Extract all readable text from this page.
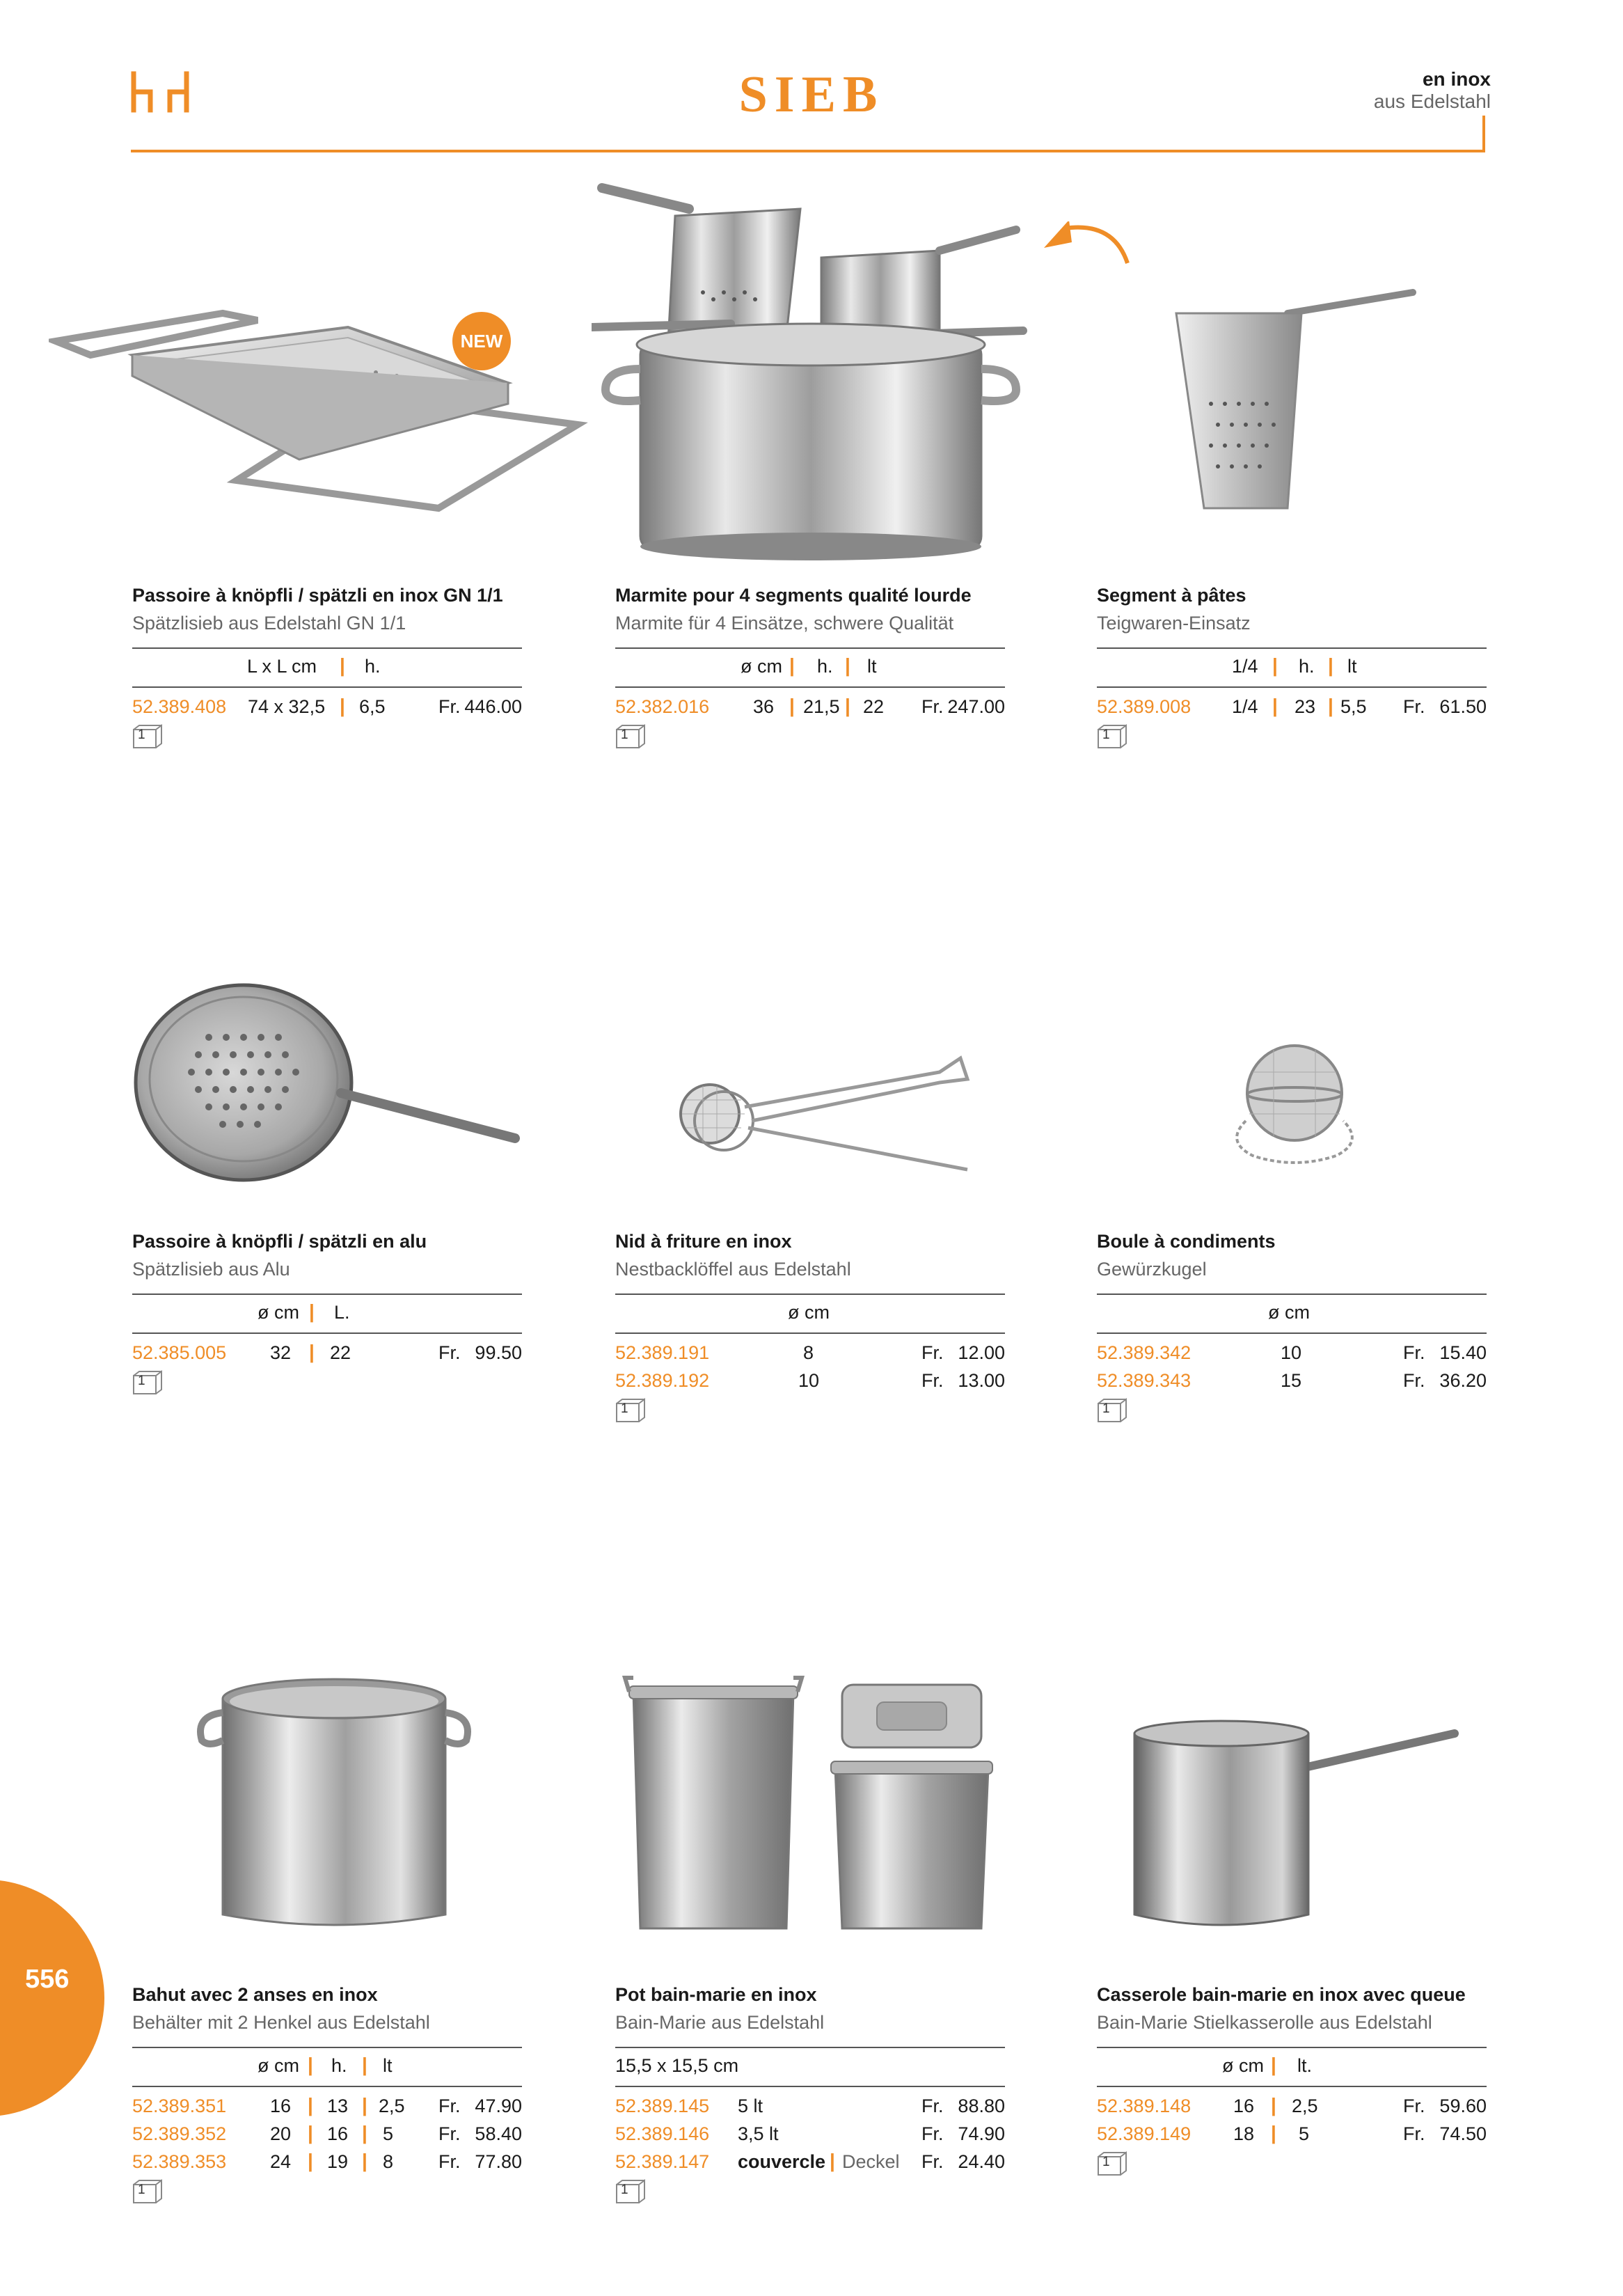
SIEB	en inox
aus Edelstahl
NEW
Passoire à knöpfli / spätzli en inox GN 1/1
Spätzlisieb aus Edelstahl GN 1/1
L x L cm | h.
52.389.408 74 x 32,5 | 6,5	Fr. 446.00
1
Marmite pour 4 segments qualité lourde
Marmite für 4 Einsätze, schwere Qualität
ø cm | h. | lt
52.382.016 36 | 21,5 | 22 Fr. 247.00
1
Segment à pâtes
Teigwaren-Einsatz
1/4 | h. | lt
52.389.008 1/4 | 23 | 5,5 Fr. 61.50
1
Passoire à knöpfli / spätzli en alu
Spätzlisieb aus Alu
ø cm | L.
52.385.005 32 | 22	Fr. 99.50
1
Nid à friture en inox
Nestbacklöffel aus Edelstahl
ø cm
52.389.191	8	Fr. 12.00
52.389.192	10	Fr. 13.00
1
Boule à condiments
Gewürzkugel
ø cm
52.389.342	10	Fr. 15.40
52.389.343	15	Fr. 36.20
1
Bahut avec 2 anses en inox
Behälter mit 2 Henkel aus Edelstahl
ø cm | h. | lt
52.389.351 16 | 13 | 2,5 Fr. 47.90
52.389.352 20 | 16 | 5 Fr. 58.40
52.389.353 24 | 19 | 8 Fr. 77.80
1
Pot bain-marie en inox
Bain-Marie aus Edelstahl
15,5 x 15,5 cm
52.389.145 5 lt	Fr. 88.80
52.389.146 3,5 lt	Fr. 74.90
52.389.147 couvercle | Deckel Fr. 24.40
1
Casserole bain-marie en inox avec queue
Bain-Marie Stielkasserolle aus Edelstahl
ø cm | lt.
52.389.148 16 | 2,5	Fr. 59.60
52.389.149 18 | 5	Fr. 74.50
1
556
